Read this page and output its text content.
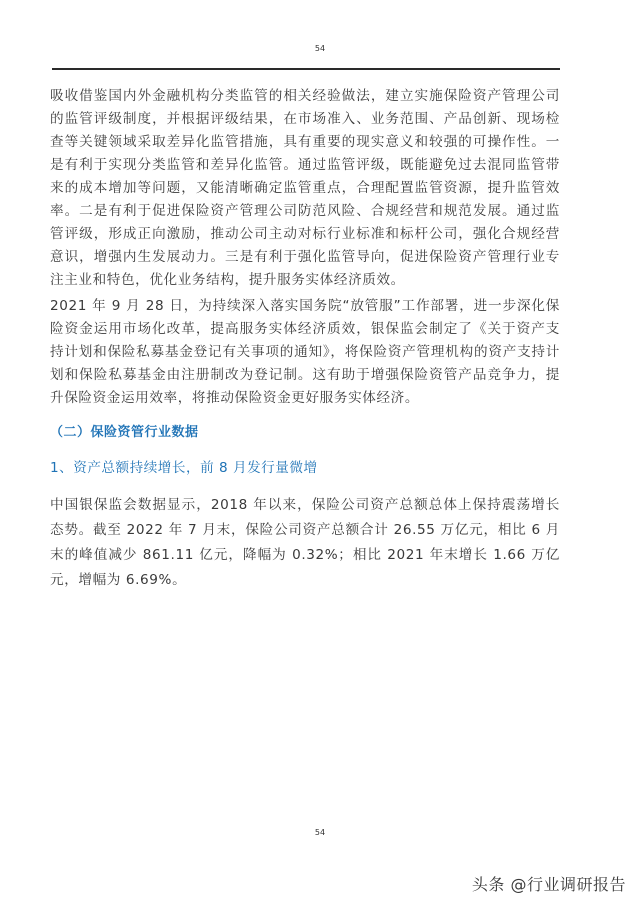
54

吸收借鉴国内外金融机构分类监管的相关经验做法，建立实施保险资产管理公司的监管评级制度，并根据评级结果，在市场准入、业务范围、产品创新、现场检查等关键领域采取差异化监管措施，具有重要的现实意义和较强的可操作性。一是有利于实现分类监管和差异化监管。通过监管评级，既能避免过去混同监管带来的成本增加等问题，又能清晰确定监管重点，合理配置监管资源，提升监管效率。二是有利于促进保险资产管理公司防范风险、合规经营和规范发展。通过监管评级，形成正向激励，推动公司主动对标行业标准和标杆公司，强化合规经营意识，增强内生发展动力。三是有利于强化监管导向，促进保险资产管理行业专注主业和特色，优化业务结构，提升服务实体经济质效。

2021 年 9 月 28 日，为持续深入落实国务院“放管服”工作部署，进一步深化保险资金运用市场化改革，提高服务实体经济质效，银保监会制定了《关于资产支持计划和保险私募基金登记有关事项的通知》，将保险资产管理机构的资产支持计划和保险私募基金由注册制改为登记制。这有助于增强保险资管产品竞争力，提升保险资金运用效率，将推动保险资金更好服务实体经济。

（二）保险资管行业数据
1、资产总额持续增长，前 8 月发行量微增

中国银保监会数据显示，2018 年以来，保险公司资产总额总体上保持震荡增长态势。截至 2022 年 7 月末，保险公司资产总额合计 26.55 万亿元，相比 6 月末的峰值减少 861.11 亿元，降幅为 0.32%；相比 2021 年末增长 1.66 万亿元，增幅为 6.69%。

54
头条 @行业调研报告
